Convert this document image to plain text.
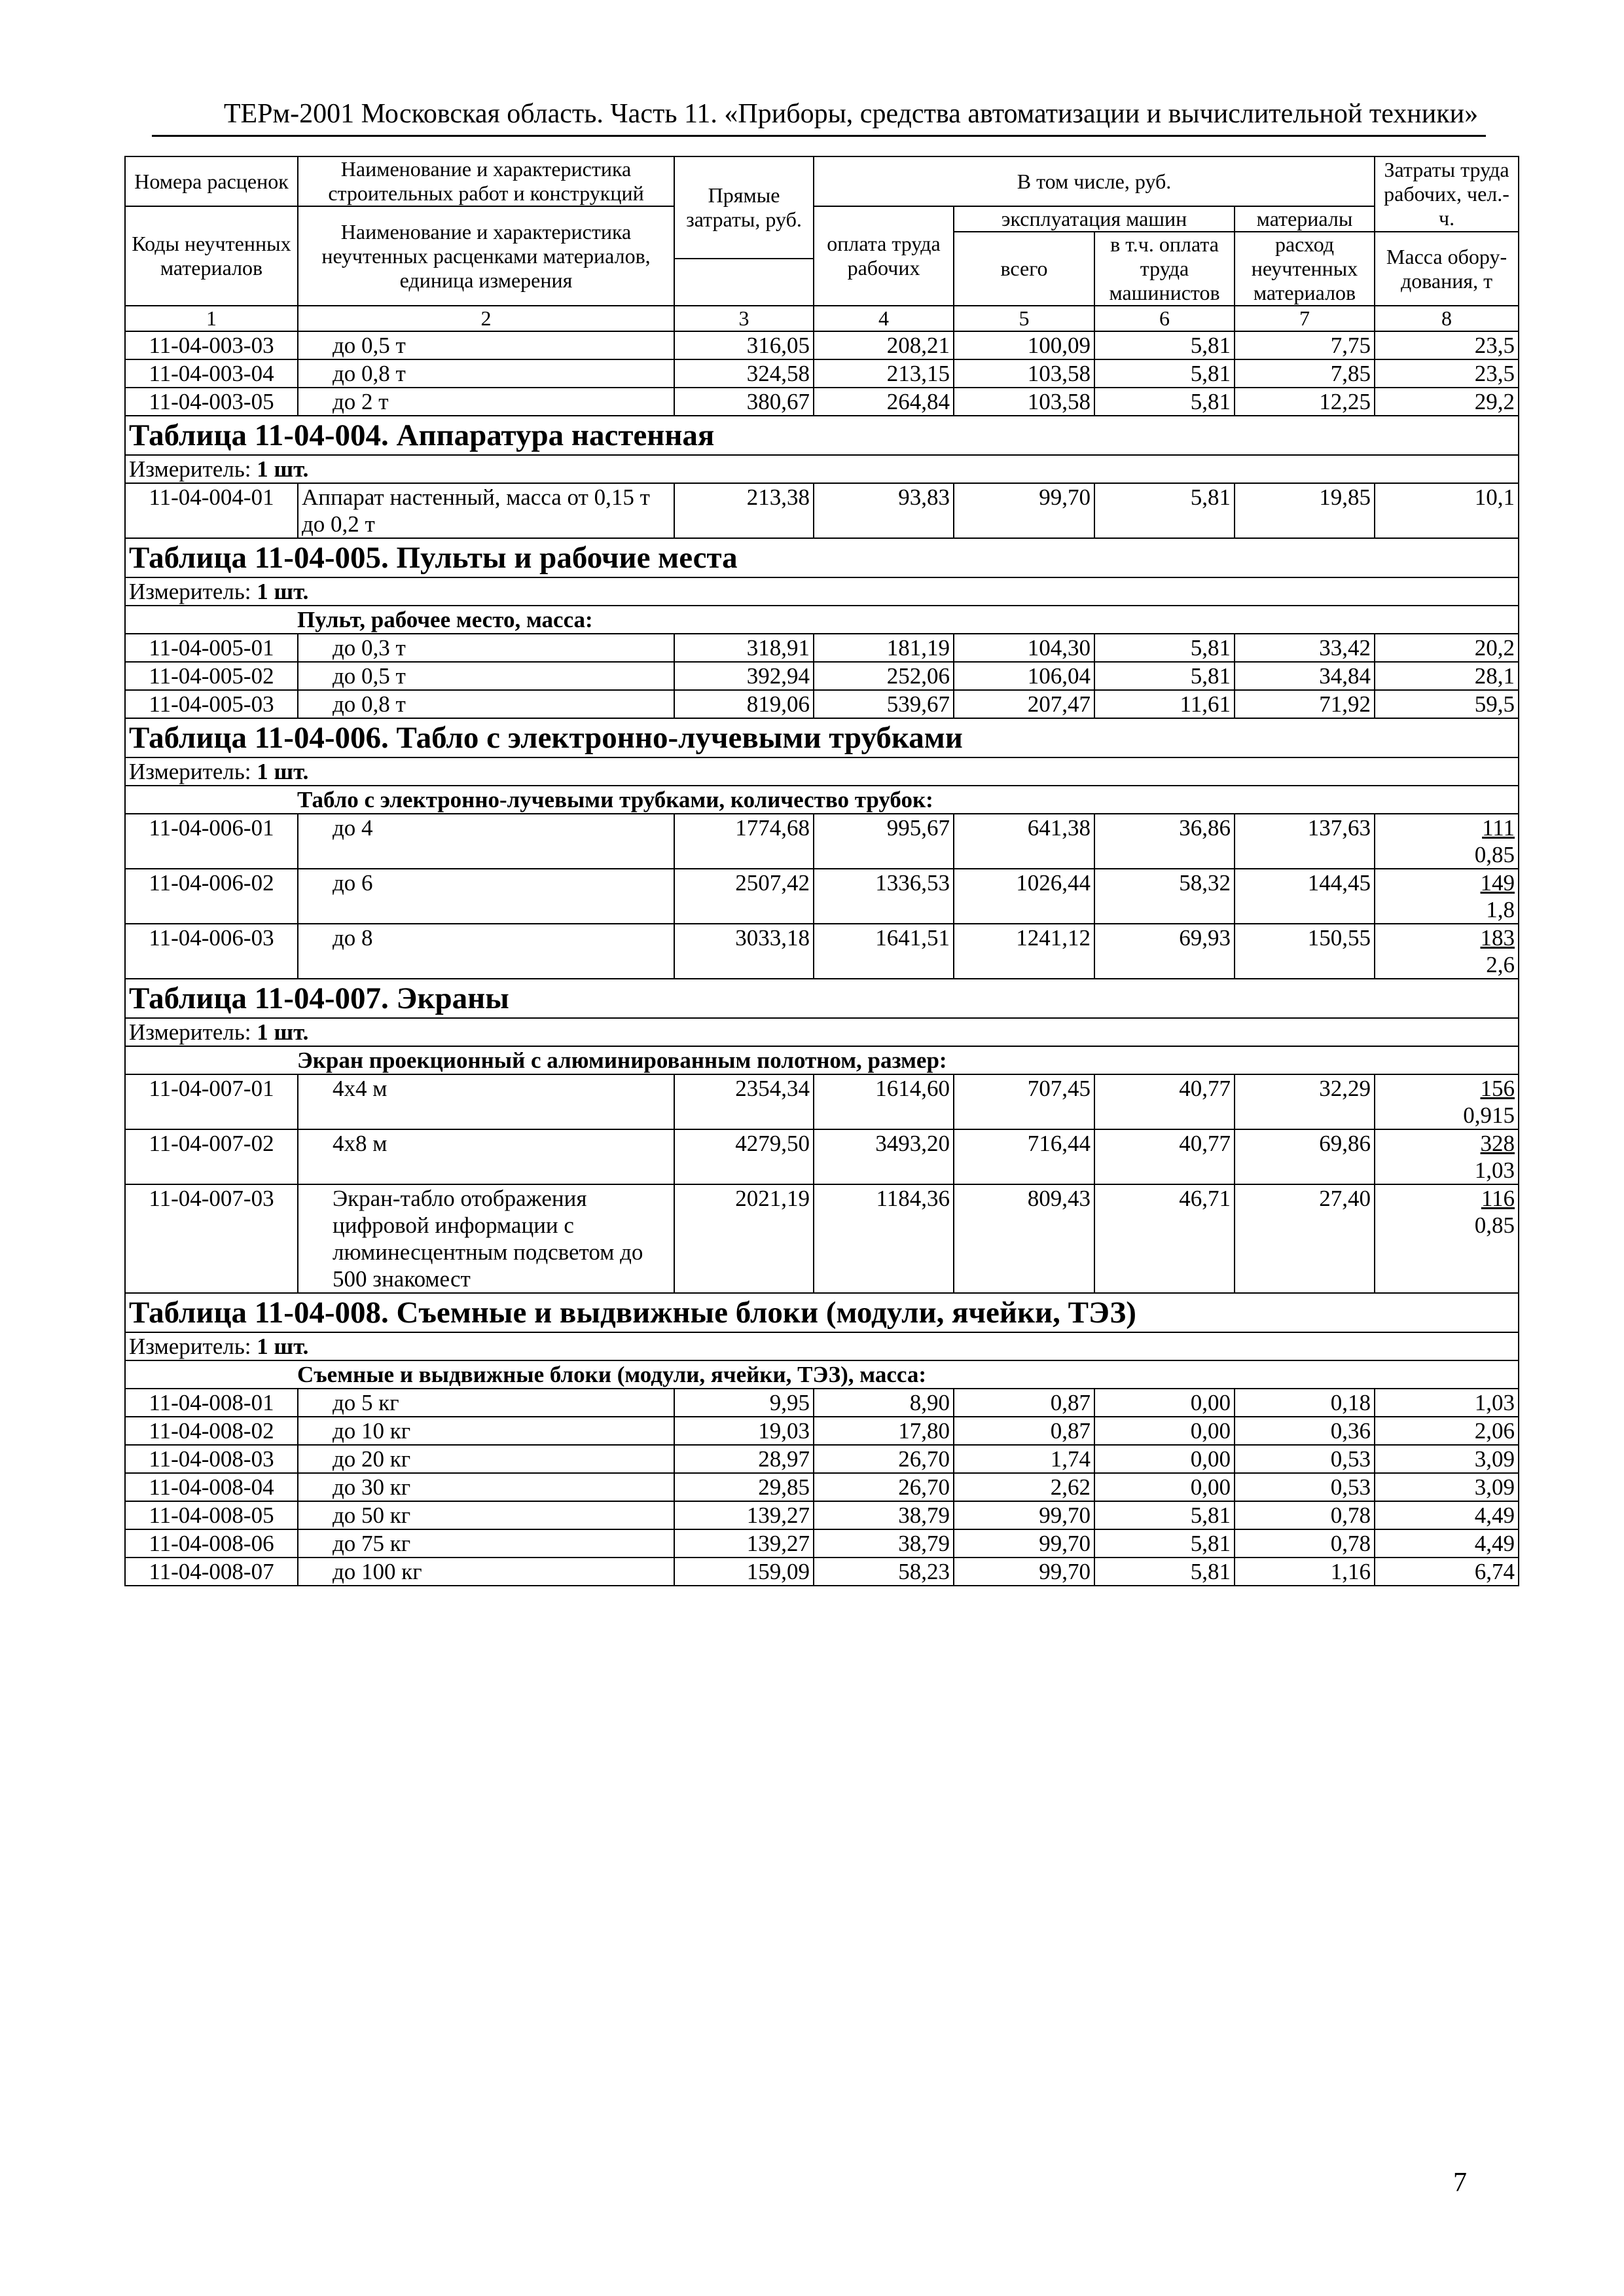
ТЕРм-2001 Московская область. Часть 11. «Приборы, средства автоматизации и вычислительной техники»
Номера расценок	Наименование и характеристика строительных работ и конструкций	Прямые затраты, руб.	В том числе, руб.				Затраты труда рабочих, чел.-ч.
Коды неучтенных материалов	Наименование и характеристика неучтенных расценками материалов, единица измерения		оплата труда рабочих	эксплуатация машин		материалы	
				всего	в т.ч. оплата труда машинистов	расход неучтенных материалов	Масса обору-дования, т

1	2	3	4	5	6	7	8
11-04-003-03	до 0,5 т	316,05	208,21	100,09	5,81	7,75	23,5

11-04-003-04	до 0,8 т	324,58	213,15	103,58	5,81	7,85	23,5

11-04-003-05	до 2 т	380,67	264,84	103,58	5,81	12,25	29,2

Таблица 11-04-004. Аппаратура настенная							
Измеритель: 1 шт.							
11-04-004-01	Аппарат настенный, масса от 0,15 т до 0,2 т	213,38	93,83	99,70	5,81	19,85	10,1

Таблица 11-04-005. Пульты и рабочие места							
Измеритель: 1 шт.							
Пульт, рабочее место, масса:							
11-04-005-01	до 0,3 т	318,91	181,19	104,30	5,81	33,42	20,2

11-04-005-02	до 0,5 т	392,94	252,06	106,04	5,81	34,84	28,1

11-04-005-03	до 0,8 т	819,06	539,67	207,47	11,61	71,92	59,5

Таблица 11-04-006. Табло с электронно-лучевыми трубками							
Измеритель: 1 шт.							
Табло с электронно-лучевыми трубками, количество трубок:							
11-04-006-01	до 4	1774,68	995,67	641,38	36,86	137,63	111
0,85

11-04-006-02	до 6	2507,42	1336,53	1026,44	58,32	144,45	149
1,8

11-04-006-03	до 8	3033,18	1641,51	1241,12	69,93	150,55	183
2,6

Таблица 11-04-007. Экраны							
Измеритель: 1 шт.							
Экран проекционный с алюминированным полотном, размер:							
11-04-007-01	4x4 м	2354,34	1614,60	707,45	40,77	32,29	156
0,915

11-04-007-02	4x8 м	4279,50	3493,20	716,44	40,77	69,86	328
1,03

11-04-007-03	Экран-табло отображения цифровой информации с люминесцентным подсветом до 500 знакомест	2021,19	1184,36	809,43	46,71	27,40	116
0,85

Таблица 11-04-008. Съемные и выдвижные блоки (модули, ячейки, ТЭЗ)							
Измеритель: 1 шт.							
Съемные и выдвижные блоки (модули, ячейки, ТЭЗ), масса:							
11-04-008-01	до 5 кг	9,95	8,90	0,87	0,00	0,18	1,03

11-04-008-02	до 10 кг	19,03	17,80	0,87	0,00	0,36	2,06

11-04-008-03	до 20 кг	28,97	26,70	1,74	0,00	0,53	3,09

11-04-008-04	до 30 кг	29,85	26,70	2,62	0,00	0,53	3,09

11-04-008-05	до 50 кг	139,27	38,79	99,70	5,81	0,78	4,49

11-04-008-06	до 75 кг	139,27	38,79	99,70	5,81	0,78	4,49

11-04-008-07	до 100 кг	159,09	58,23	99,70	5,81	1,16	6,74
7
